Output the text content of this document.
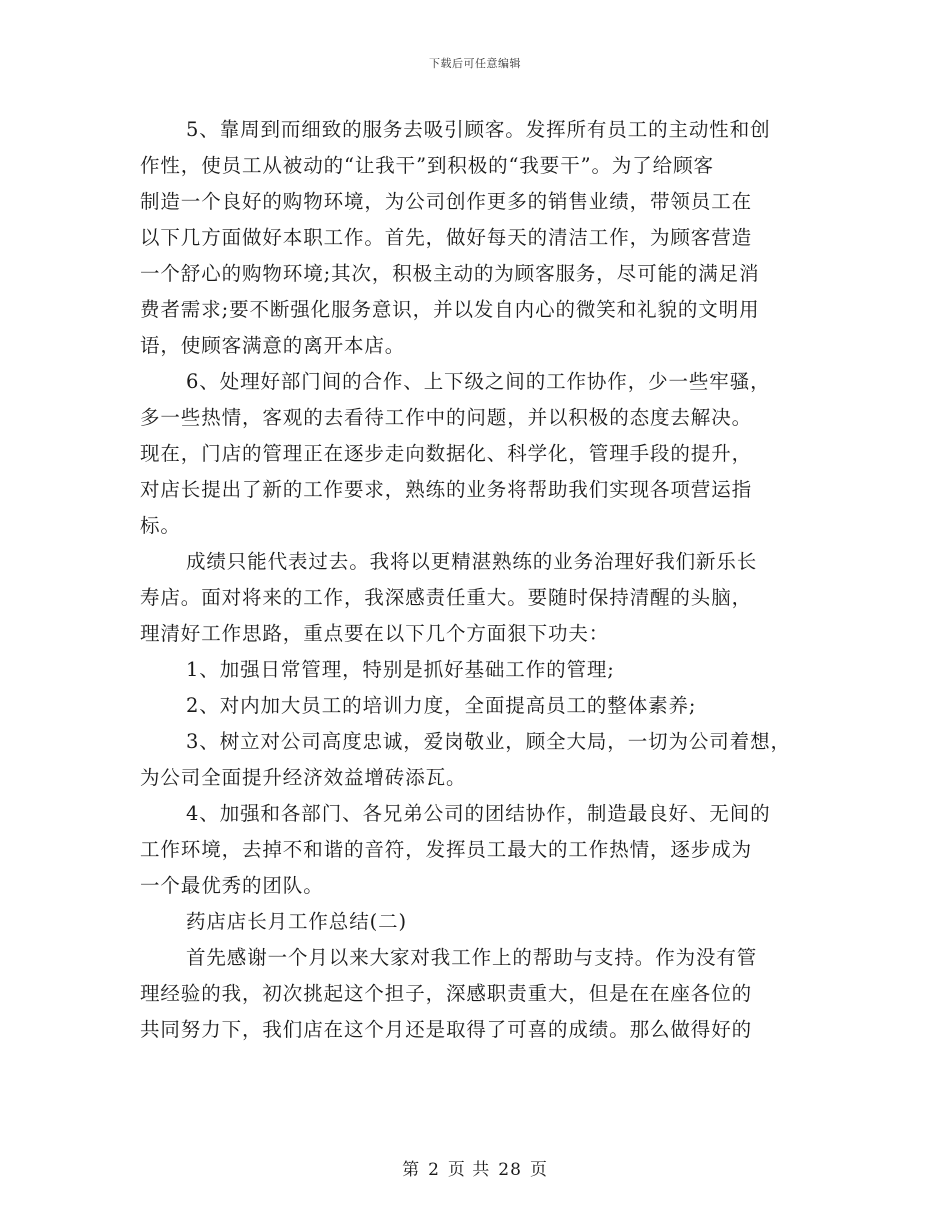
下载后可任意编辑
5、靠周到而细致的服务去吸引顾客。发挥所有员工的主动性和创
作性，使员工从被动的“让我干”到积极的“我要干”。为了给顾客
制造一个良好的购物环境，为公司创作更多的销售业绩，带领员工在
以下几方面做好本职工作。首先，做好每天的清洁工作，为顾客营造
一个舒心的购物环境;其次，积极主动的为顾客服务，尽可能的满足消
费者需求;要不断强化服务意识，并以发自内心的微笑和礼貌的文明用
语，使顾客满意的离开本店。
6、处理好部门间的合作、上下级之间的工作协作，少一些牢骚，
多一些热情，客观的去看待工作中的问题，并以积极的态度去解决。
现在，门店的管理正在逐步走向数据化、科学化，管理手段的提升，
对店长提出了新的工作要求，熟练的业务将帮助我们实现各项营运指
标。
成绩只能代表过去。我将以更精湛熟练的业务治理好我们新乐长
寿店。面对将来的工作，我深感责任重大。要随时保持清醒的头脑，
理清好工作思路，重点要在以下几个方面狠下功夫：
1、加强日常管理，特别是抓好基础工作的管理;
2、对内加大员工的培训力度，全面提高员工的整体素养;
3、树立对公司高度忠诚，爱岗敬业，顾全大局，一切为公司着想，
为公司全面提升经济效益增砖添瓦。
4、加强和各部门、各兄弟公司的团结协作，制造最良好、无间的
工作环境，去掉不和谐的音符，发挥员工最大的工作热情，逐步成为
一个最优秀的团队。
药店店长月工作总结(二)
首先感谢一个月以来大家对我工作上的帮助与支持。作为没有管
理经验的我，初次挑起这个担子，深感职责重大，但是在在座各位的
共同努力下，我们店在这个月还是取得了可喜的成绩。那么做得好的
第 2 页 共 28 页
